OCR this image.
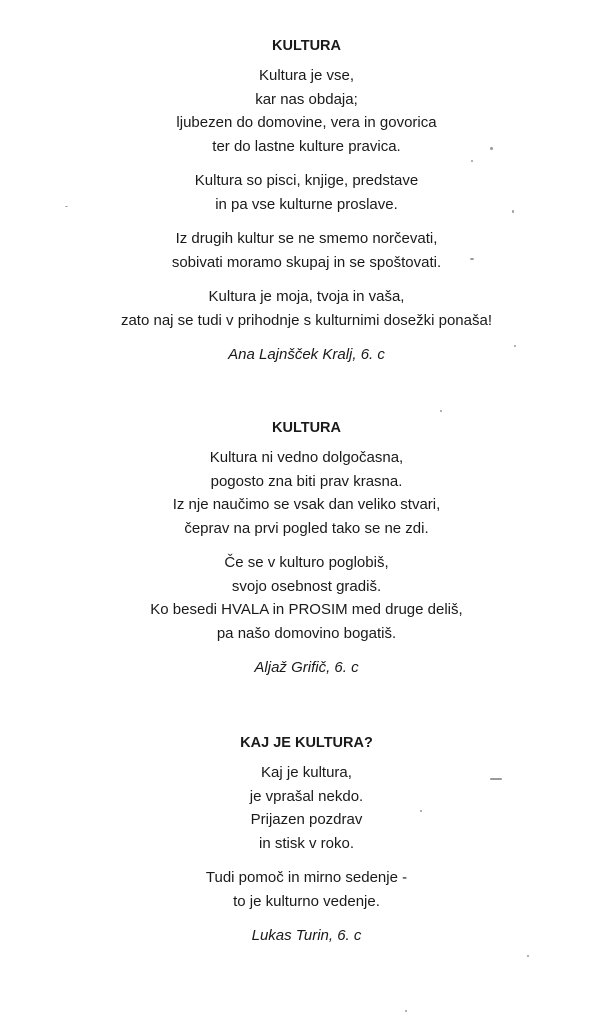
KULTURA
Kultura je vse,
kar nas obdaja;
ljubezen do domovine, vera in govorica
ter do lastne kulture pravica.
Kultura so pisci, knjige, predstave
in pa vse kulturne proslave.
Iz drugih kultur se ne smemo norčevati,
sobivati moramo skupaj in se spoštovati.
Kultura je moja, tvoja in vaša,
zato naj se tudi v prihodnje s kulturnimi dosežki ponaša!
Ana Lajnšček Kralj, 6. c
KULTURA
Kultura ni vedno dolgočasna,
pogosto zna biti prav krasna.
Iz nje naučimo se vsak dan veliko stvari,
čeprav na prvi pogled tako se ne zdi.
Če se v kulturo poglobiš,
svojo osebnost gradiš.
Ko besedi HVALA in PROSIM med druge deliš,
pa našo domovino bogatiš.
Aljaž Grifič, 6. c
KAJ JE KULTURA?
Kaj je kultura,
je vprašal nekdo.
Prijazen pozdrav
in stisk v roko.
Tudi pomoč in mirno sedenje -
to je kulturno vedenje.
Lukas Turin, 6. c
